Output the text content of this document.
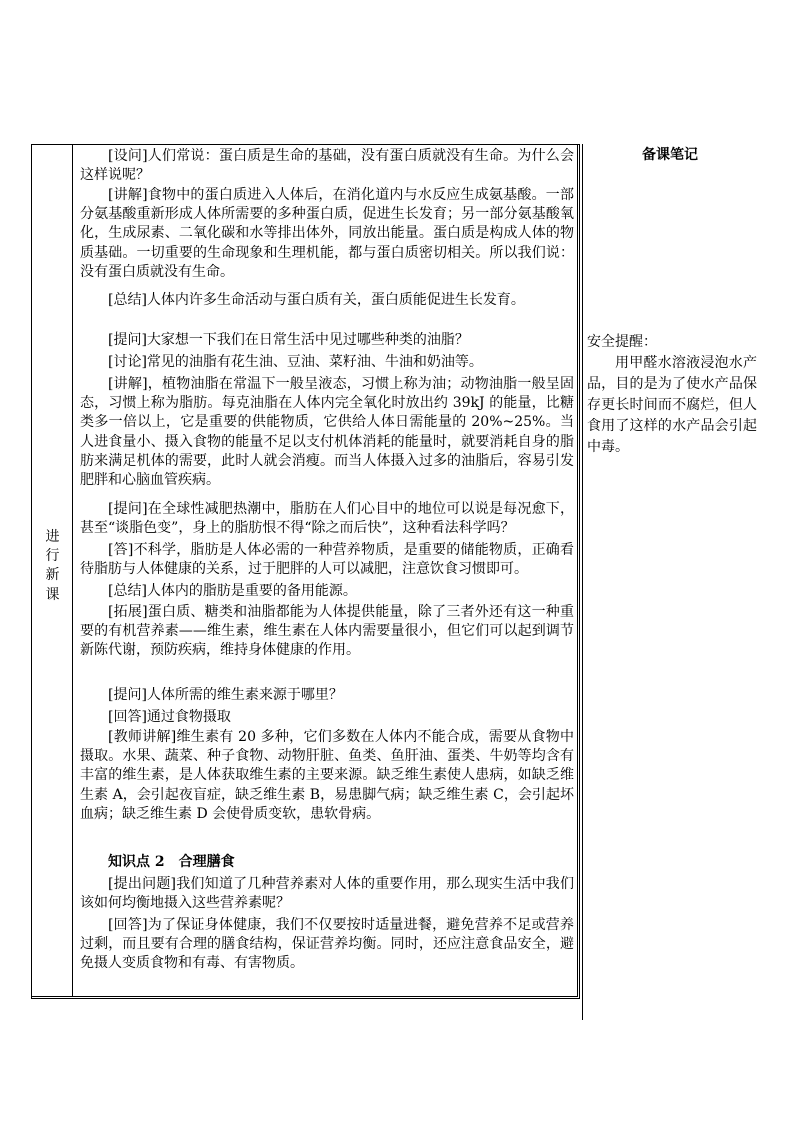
进
行
新
课

[设问]人们常说：蛋白质是生命的基础，没有蛋白质就没有生命。为什么会这样说呢？

[讲解]食物中的蛋白质进入人体后，在消化道内与水反应生成氨基酸。一部分氨基酸重新形成人体所需要的多种蛋白质，促进生长发育；另一部分氨基酸氧化，生成尿素、二氧化碳和水等排出体外，同放出能量。蛋白质是构成人体的物质基础。一切重要的生命现象和生理机能，都与蛋白质密切相关。所以我们说：没有蛋白质就没有生命。

[总结]人体内许多生命活动与蛋白质有关，蛋白质能促进生长发育。

[提问]大家想一下我们在日常生活中见过哪些种类的油脂？

[讨论]常见的油脂有花生油、豆油、菜籽油、牛油和奶油等。

[讲解]，植物油脂在常温下一般呈液态，习惯上称为油；动物油脂一般呈固态，习惯上称为脂肪。每克油脂在人体内完全氧化时放出约 39kJ 的能量，比糖类多一倍以上，它是重要的供能物质，它供给人体日需能量的 20%~25%。当人进食量小、摄入食物的能量不足以支付机体消耗的能量时，就要消耗自身的脂肪来满足机体的需要，此时人就会消瘦。而当人体摄入过多的油脂后，容易引发肥胖和心脑血管疾病。

[提问]在全球性减肥热潮中，脂肪在人们心目中的地位可以说是每况愈下，甚至“谈脂色变”，身上的脂肪恨不得“除之而后快”，这种看法科学吗？

[答]不科学，脂肪是人体必需的一种营养物质，是重要的储能物质，正确看待脂肪与人体健康的关系，过于肥胖的人可以减肥，注意饮食习惯即可。

[总结]人体内的脂肪是重要的备用能源。

[拓展]蛋白质、糖类和油脂都能为人体提供能量，除了三者外还有这一种重要的有机营养素——维生素，维生素在人体内需要量很小，但它们可以起到调节新陈代谢，预防疾病，维持身体健康的作用。

[提问]人体所需的维生素来源于哪里？

[回答]通过食物摄取

[教师讲解]维生素有 20 多种，它们多数在人体内不能合成，需要从食物中摄取。水果、蔬菜、种子食物、动物肝脏、鱼类、鱼肝油、蛋类、牛奶等均含有丰富的维生素，是人体获取维生素的主要来源。缺乏维生素使人患病，如缺乏维生素 A，会引起夜盲症，缺乏维生素 B，易患脚气病；缺乏维生素 C，会引起坏血病；缺乏维生素 D 会使骨质变软，患软骨病。

知识点 2　合理膳食

[提出问题]我们知道了几种营养素对人体的重要作用，那么现实生活中我们该如何均衡地摄入这些营养素呢？

[回答]为了保证身体健康，我们不仅要按时适量进餐，避免营养不足或营养过剩，而且要有合理的膳食结构，保证营养均衡。同时，还应注意食品安全，避免摄人变质食物和有毒、有害物质。

备课笔记

安全提醒：

用甲醛水溶液浸泡水产品，目的是为了使水产品保存更长时间而不腐烂，但人食用了这样的水产品会引起中毒。
